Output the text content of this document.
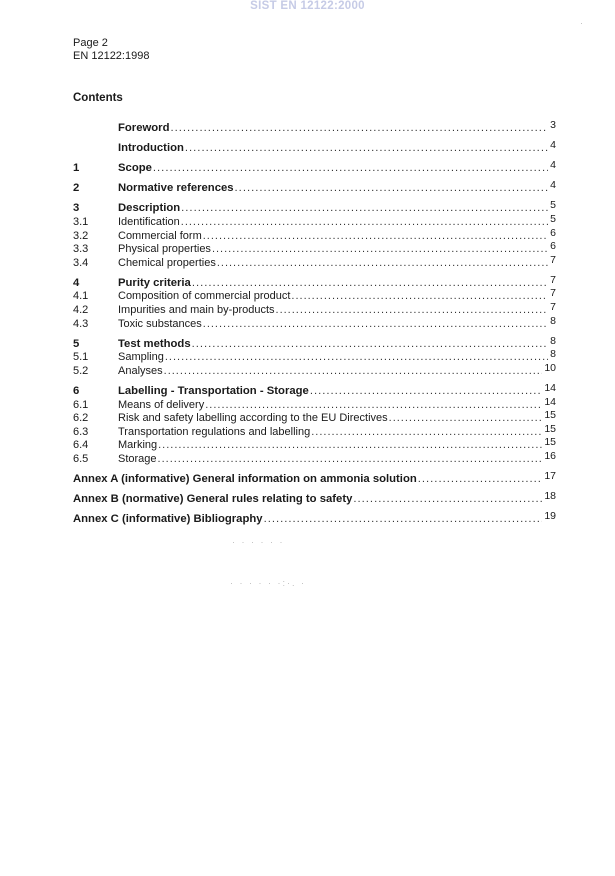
SIST EN 12122:2000
Page 2
EN 12122:1998
Contents
Foreword .....	3
Introduction .....	4
1	Scope .....	4
2	Normative references .....	4
3	Description .....	5
3.1	Identification .....	5
3.2	Commercial form .....	6
3.3	Physical properties .....	6
3.4	Chemical properties .....	7
4	Purity criteria .....	7
4.1	Composition of commercial product .....	7
4.2	Impurities and main by-products .....	7
4.3	Toxic substances .....	8
5	Test methods .....	8
5.1	Sampling .....	8
5.2	Analyses .....	10
6	Labelling - Transportation - Storage .....	14
6.1	Means of delivery .....	14
6.2	Risk and safety labelling according to the EU Directives .....	15
6.3	Transportation regulations and labelling .....	15
6.4	Marking .....	15
6.5	Storage .....	16
Annex A (informative) General information on ammonia solution .....	17
Annex B (normative) General rules relating to safety .....	18
Annex C (informative) Bibliography .....	19
· · · · · ·
· · · · · ·:·. ·
·
